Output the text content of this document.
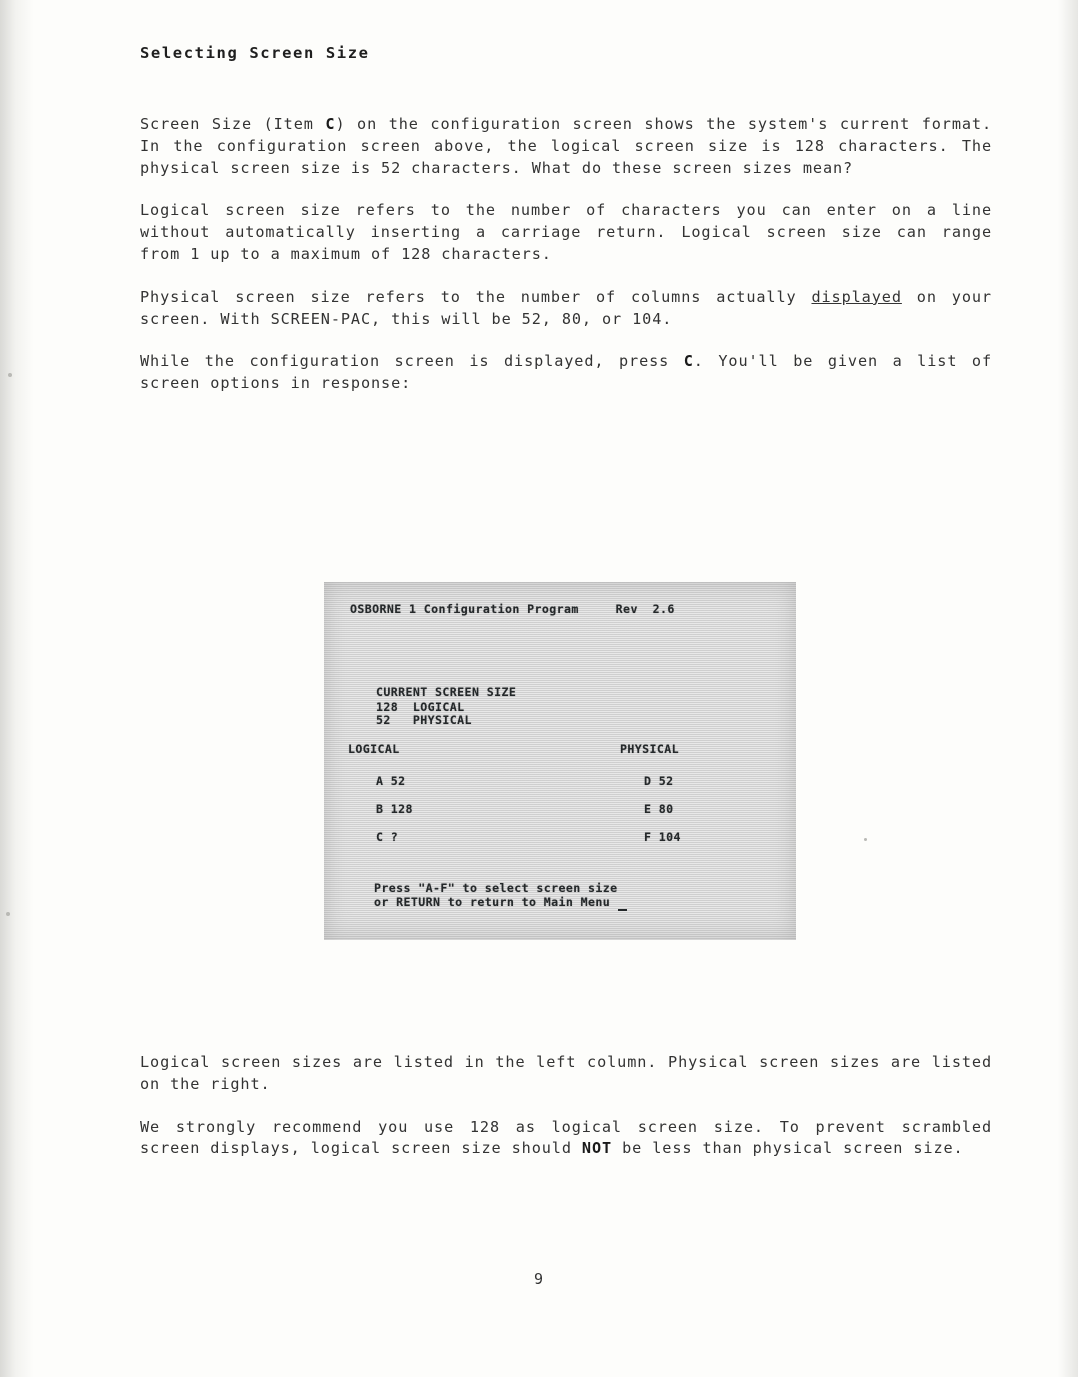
Selecting Screen Size

Screen Size (Item C) on the configuration screen shows the system's current format. In the configuration screen above, the logical screen size is 128 characters. The physical screen size is 52 characters. What do these screen sizes mean?

Logical screen size refers to the number of characters you can enter on a line without automatically inserting a carriage return. Logical screen size can range from 1 up to a maximum of 128 characters.

Physical screen size refers to the number of columns actually displayed on your screen. With SCREEN-PAC, this will be 52, 80, or 104.

While the configuration screen is displayed, press C. You'll be given a list of screen options in response:

OSBORNE 1 Configuration Program     Rev  2.6
CURRENT SCREEN SIZE
128  LOGICAL
52   PHYSICAL
LOGICAL	PHYSICAL
A 52
B 128
C ?
D 52
E 80
F 104
Press "A-F" to select screen size
or RETURN to return to Main Menu

Logical screen sizes are listed in the left column. Physical screen sizes are listed on the right.

We strongly recommend you use 128 as logical screen size. To prevent scrambled screen displays, logical screen size should NOT be less than physical screen size.

9
